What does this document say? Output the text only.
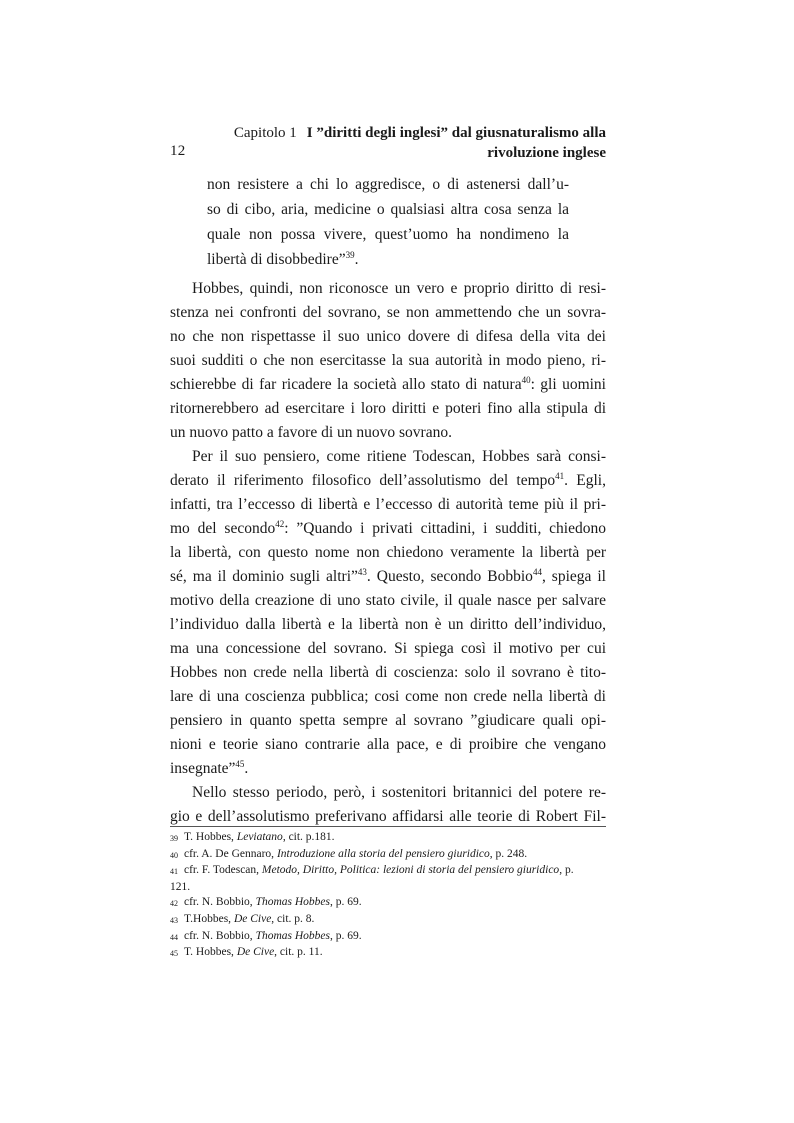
12
Capitolo 1 I ”diritti degli inglesi” dal giusnaturalismo alla
rivoluzione inglese
non resistere a chi lo aggredisce, o di astenersi dall’u-
so di cibo, aria, medicine o qualsiasi altra cosa senza la
quale non possa vivere, quest’uomo ha nondimeno la
libertà di disobbedire”$^{39}$.
Hobbes, quindi, non riconosce un vero e proprio diritto di resi-
stenza nei confronti del sovrano, se non ammettendo che un sovra-
no che non rispettasse il suo unico dovere di difesa della vita dei
suoi sudditi o che non esercitasse la sua autorità in modo pieno, ri-
schierebbe di far ricadere la società allo stato di natura$^{40}$: gli uomini
ritornerebbero ad esercitare i loro diritti e poteri fino alla stipula di
un nuovo patto a favore di un nuovo sovrano.
Per il suo pensiero, come ritiene Todescan, Hobbes sarà consi-
derato il riferimento filosofico dell’assolutismo del tempo$^{41}$. Egli,
infatti, tra l’eccesso di libertà e l’eccesso di autorità teme più il pri-
mo del secondo$^{42}$: ”Quando i privati cittadini, i sudditi, chiedono
la libertà, con questo nome non chiedono veramente la libertà per
sé, ma il dominio sugli altri”$^{43}$. Questo, secondo Bobbio$^{44}$, spiega il
motivo della creazione di uno stato civile, il quale nasce per salvare
l’individuo dalla libertà e la libertà non è un diritto dell’individuo,
ma una concessione del sovrano. Si spiega così il motivo per cui
Hobbes non crede nella libertà di coscienza: solo il sovrano è tito-
lare di una coscienza pubblica; cosi come non crede nella libertà di
pensiero in quanto spetta sempre al sovrano ”giudicare quali opi-
nioni e teorie siano contrarie alla pace, e di proibire che vengano
insegnate”$^{45}$.
Nello stesso periodo, però, i sostenitori britannici del potere re-
gio e dell’assolutismo preferivano affidarsi alle teorie di Robert Fil-
39 T. Hobbes, Leviatano, cit. p.181.
40 cfr. A. De Gennaro, Introduzione alla storia del pensiero giuridico, p. 248.
41 cfr. F. Todescan, Metodo, Diritto, Politica: lezioni di storia del pensiero giuridico, p.
121.
42 cfr. N. Bobbio, Thomas Hobbes, p. 69.
43 T.Hobbes, De Cive, cit. p. 8.
44 cfr. N. Bobbio, Thomas Hobbes, p. 69.
45 T. Hobbes, De Cive, cit. p. 11.
